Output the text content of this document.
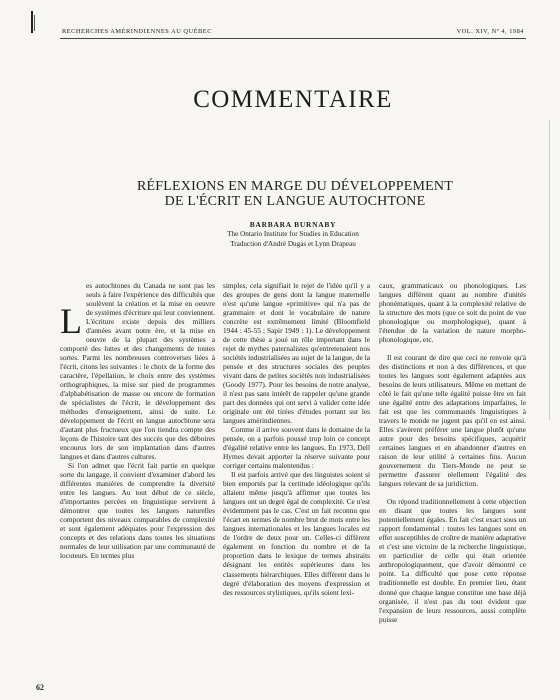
RECHERCHES AMÉRINDIENNES AU QUÉBEC	VOL. XIV, Nº 4, 1984
COMMENTAIRE
RÉFLEXIONS EN MARGE DU DÉVELOPPEMENT
DE L'ÉCRIT EN LANGUE AUTOCHTONE
BARBARA BURNABY
The Ontario Institute for Studies in Education
Traduction d'André Dugas et Lynn Drapeau
L

es autochtones du Canada ne sont pas les seuls à faire l'expérience des difficultés que soulèvent la création et la mise en oeuvre de systèmes d'écriture qui leur conviennent. L'écriture existe depuis des milliers d'années avant notre ère, et la mise en oeuvre de la plupart des systèmes a comporté des luttes et des changements de toutes sortes. Parmi les nombreuses controverses liées à l'écrit, citons les suivantes : le choix de la forme des caractère, l'épellation, le choix entre des systèmes orthographiques, la mise sur pied de programmes d'alphabétisation de masse ou encore de formation de spécialistes de l'écrit, le développement des méthodes d'enseignement, ainsi de suite. Le développement de l'écrit en langue autochtone sera d'autant plus fructueux que l'on tiendra compte des leçons de l'histoire tant des succès que des déboires encourus lors de son implantation dans d'autres langues et dans d'autres cultures.

Si l'on admet que l'écrit fait partie en quelque sorte du langage, il convient d'examiner d'abord les différentes manières de comprendre la diversité entre les langues. Au tout début de ce siècle, d'importantes percées en linguistique servirent à démontrer que toutes les langues naturelles comportent des niveaux comparables de complexité et sont également adéquates pour l'expression des concepts et des relations dans toutes les situations normales de leur utilisation par une communauté de locuteurs. En termes plus

simples, cela signifiait le rejet de l'idée qu'il y a des groupes de gens dont la langue maternelle n'est qu'une langue «primitive» qui n'a pas de grammaire et dont le vocabulaire de nature concrète est extrêmement limité (Bloomfield 1944 : 45-55 ; Sapir 1949 : 1). Le développement de cette thèse a joué un rôle important dans le rejet de mythes paternalistes qu'entretenaient nos sociétés industrialisées au sujet de la langue, de la pensée et des structures sociales des peuples vivant dans de petites sociétés non industrialisées (Goody 1977). Pour les besoins de notre analyse, il n'est pas sans intérêt de rappeler qu'une grande part des données qui ont servi à valider cette idée originale ont été tirées d'études portant sur les langues amérindiennes.

Comme il arrive souvent dans le domaine de la pensée, on a parfois poussé trop loin ce concept d'égalité relative entre les langues. En 1973, Dell Hymes devait apporter la réserve suivante pour corriger certains malentendus :

Il est parfois arrivé que des linguistes soient si bien emportés par la certitude idéologique qu'ils allaient même jusqu'à affirmer que toutes les langues ont un degré égal de complexité. Ce n'est évidemment pas le cas. C'est un fait reconnu que l'écart en termes de nombre brut de mots entre les langues internationales et les langues locales est de l'ordre de deux pour un. Celles-ci diffèrent également en fonction du nombre et de la proportion dans le lexique de termes abstraits désignant les entités supérieures dans les classements hiérarchiques. Elles diffèrent dans le degré d'élaboration des moyens d'expression et des ressources stylistiques, qu'ils soient lexi-

caux, grammaticaux ou phonologiques. Les langues diffèrent quant au nombre d'unités phonématiques, quant à la complexité relative de la structure des mots (que ce soit du point de vue phonologique ou morphologique), quant à l'étendue de la variation de nature morpho-phonologique, etc.

Il est courant de dire que ceci ne renvoie qu'à des distinctions et non à des différences, et que toutes les langues sont également adaptées aux besoins de leurs utilisateurs. Même en mettant de côté le fait qu'une telle égalité puisse être en fait une égalité entre des adaptations imparfaites, le fait est que les communautés linguistiques à travers le monde ne jugent pas qu'il en est ainsi. Elles s'avèrent préférer une langue plutôt qu'une autre pour des besoins spécifiques, acquérir certaines langues et en abandonner d'autres en raison de leur utilité à certaines fins. Aucun gouvernement du Tiers-Monde ne peut se permettre d'assurer réellement l'égalité des langues relevant de sa juridiction.

On répond traditionnellement à cette objection en disant que toutes les langues sont potentiellement égales. En fait c'est exact sous un rapport fondamental : toutes les langues sont en effet susceptibles de croître de manière adaptative et c'est une victoire de la recherche linguistique, en particulier de celle qui était orientée anthropologiquement, que d'avoir démontré ce point. La difficulté que pose cette réponse traditionnelle est double. En premier lieu, étant donné que chaque langue constitue une base déjà organisée, il n'est pas du tout évident que l'expansion de leurs ressources, aussi complète puisse

62
